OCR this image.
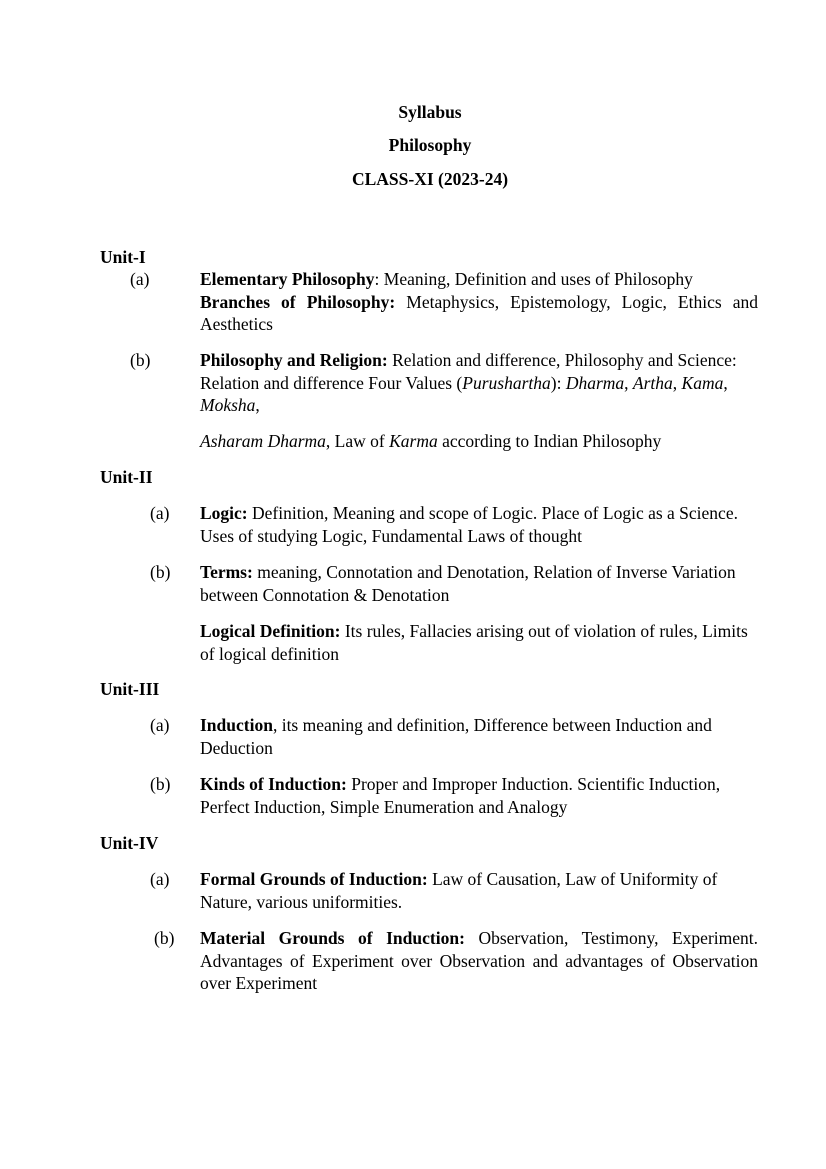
Syllabus
Philosophy
CLASS-XI (2023-24)
Unit-I
(a)	Elementary Philosophy: Meaning, Definition and uses of Philosophy
Branches of Philosophy: Metaphysics, Epistemology, Logic, Ethics and Aesthetics
(b)	Philosophy and Religion: Relation and difference, Philosophy and Science: Relation and difference Four Values (Purushartha): Dharma, Artha, Kama, Moksha,
Asharam Dharma, Law of Karma according to Indian Philosophy
Unit-II
(a) Logic: Definition, Meaning and scope of Logic. Place of Logic as a Science. Uses of studying Logic, Fundamental Laws of thought
(b) Terms: meaning, Connotation and Denotation, Relation of Inverse Variation between Connotation & Denotation
Logical Definition: Its rules, Fallacies arising out of violation of rules, Limits of logical definition
Unit-III
(a) Induction, its meaning and definition, Difference between Induction and Deduction
(b) Kinds of Induction: Proper and Improper Induction. Scientific Induction, Perfect Induction, Simple Enumeration and Analogy
Unit-IV
(a) Formal Grounds of Induction: Law of Causation, Law of Uniformity of Nature, various uniformities.
(b) Material Grounds of Induction: Observation, Testimony, Experiment. Advantages of Experiment over Observation and advantages of Observation over Experiment
